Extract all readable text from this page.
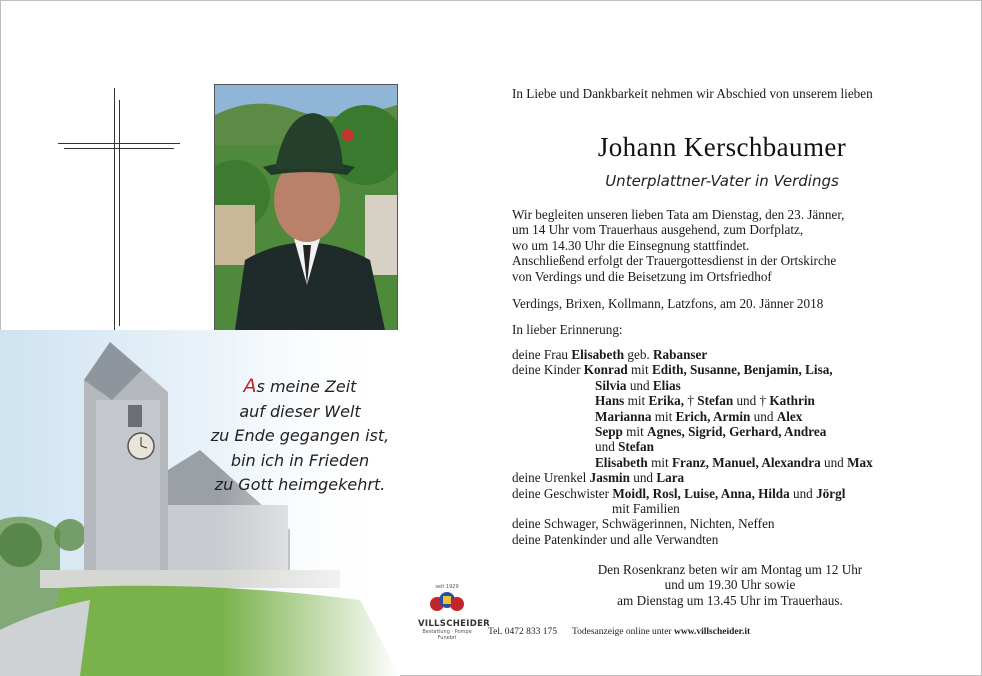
As meine Zeit
auf dieser Welt
zu Ende gegangen ist,
bin ich in Frieden
zu Gott heimgekehrt.
In Liebe und Dankbarkeit nehmen wir Abschied von unserem lieben
Johann Kerschbaumer
Unterplattner-Vater in Verdings
Wir begleiten unseren lieben Tata am Dienstag, den 23. Jänner,
um 14 Uhr vom Trauerhaus ausgehend, zum Dorfplatz,
wo um 14.30 Uhr die Einsegnung stattfindet.
Anschließend erfolgt der Trauergottesdienst in der Ortskirche
von Verdings und die Beisetzung im Ortsfriedhof
Verdings, Brixen, Kollmann, Latzfons, am 20. Jänner 2018
In lieber Erinnerung:
deine Frau Elisabeth geb. Rabanser
deine Kinder Konrad mit Edith, Susanne, Benjamin, Lisa,
Silvia und Elias
Hans mit Erika, † Stefan und † Kathrin
Marianna mit Erich, Armin und Alex
Sepp mit Agnes, Sigrid, Gerhard, Andrea
und Stefan
Elisabeth mit Franz, Manuel, Alexandra und Max
deine Urenkel Jasmin und Lara
deine Geschwister Moidl, Rosl, Luise, Anna, Hilda und Jörgl
mit Familien
deine Schwager, Schwägerinnen, Nichten, Neffen
deine Patenkinder und alle Verwandten
Den Rosenkranz beten wir am Montag um 12 Uhr
und um 19.30 Uhr sowie
am Dienstag um 13.45 Uhr im Trauerhaus.
seit 1929
VILLSCHEIDER
Bestattung · Pompe Funebri
Tel. 0472 833 175 Todesanzeige online unter www.villscheider.it
